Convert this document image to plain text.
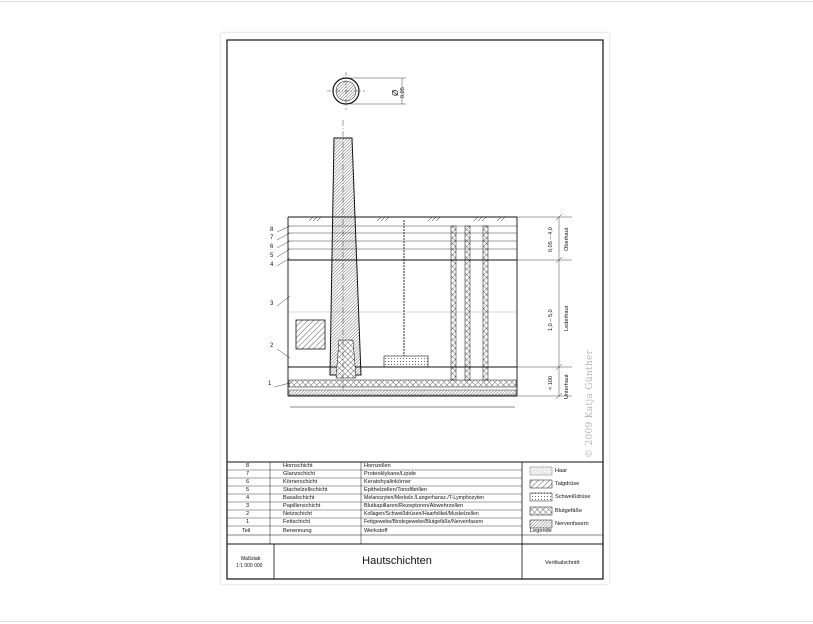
Ø 0,05
8
7
6
5
4
3
2
1
0,05 – 4,0 Oberhaut
1,0 – 5,0 Lederhaut
< 100 Unterhaut © 2009 Katja Günther
8	Hornschicht	Hornzellen
7	Glanzschicht	Proteoklykane/Lipide
6	Körnerschicht	Keratohyalinkörner
5	Stachelzellschicht	Epithelzellen/Tonofibrillen
4	Basalschicht	Melanozyten/Merkelz./Langerhansz./T-Lymphozyten
3	Papillenschicht	Blutkapillaren/Rezeptoren/Abwehrzellen
2	Netzschicht	Kollagen/Schweißdrüsen/Haarfolikel/Muskelzellen
1	Fettschicht	Fettgewebe/Bindegewebe/Blutgefäße/Nervenfasern
Teil	Benennung	Werkstoff	Legende
Haar
Talgdrüse
Schweißdrüse
Blutgefäße
Nervenfasern
Maßstab
1:1 000 000	Hautschichten	Vertikalschnitt
